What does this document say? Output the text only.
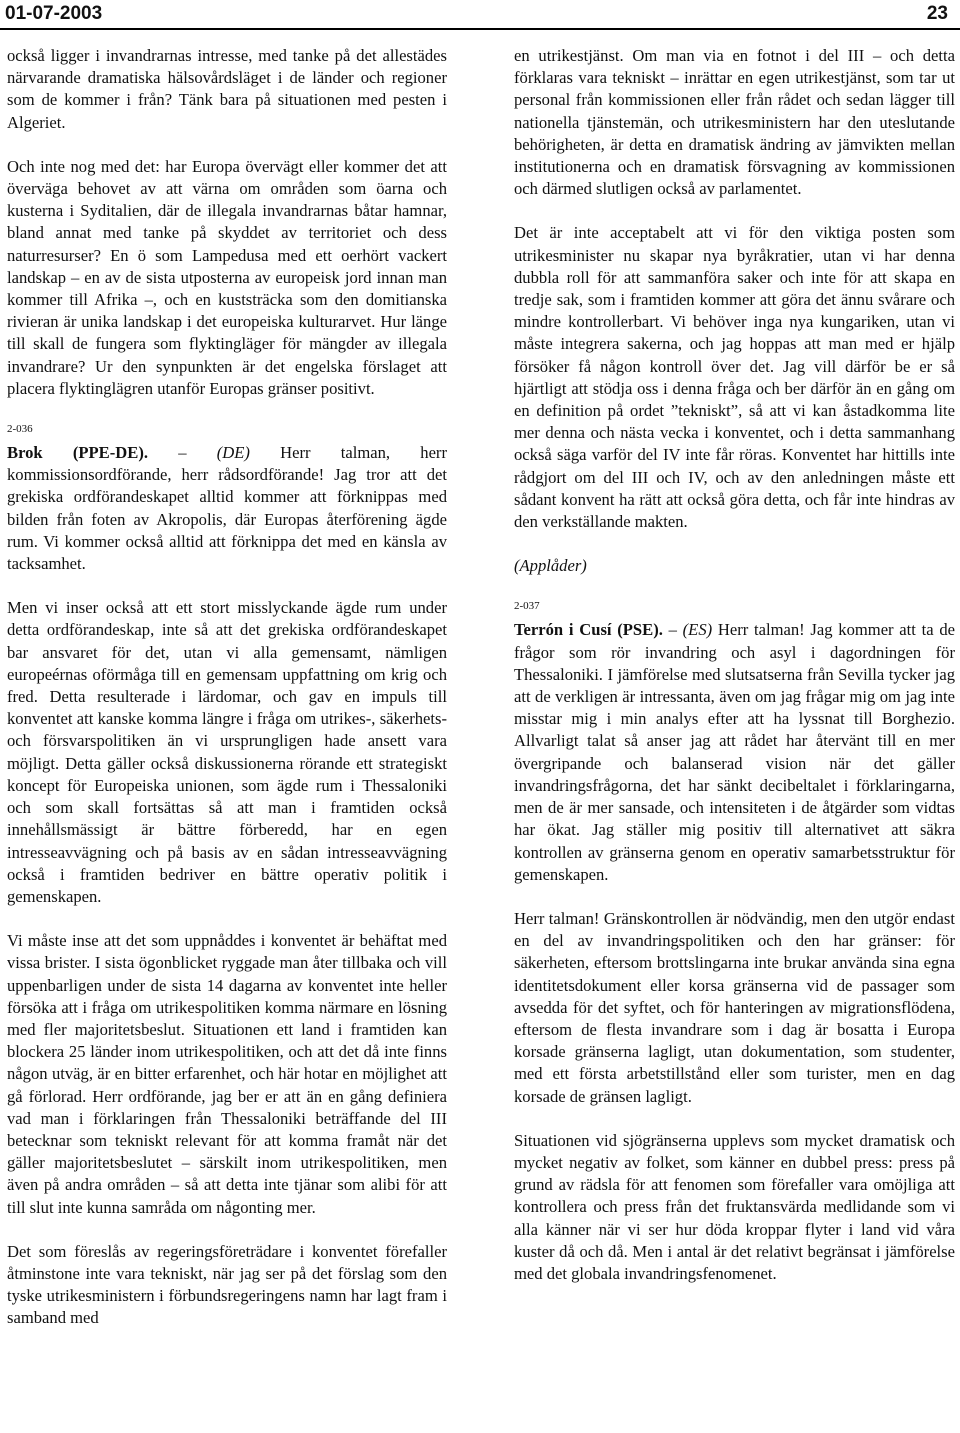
01-07-2003	23

också ligger i invandrarnas intresse, med tanke på det allestädes närvarande dramatiska hälsovårdsläget i de länder och regioner som de kommer i från? Tänk bara på situationen med pesten i Algeriet.

Och inte nog med det: har Europa övervägt eller kommer det att överväga behovet av att värna om områden som öarna och kusterna i Syditalien, där de illegala invandrarnas båtar hamnar, bland annat med tanke på skyddet av territoriet och dess naturresurser? En ö som Lampedusa med ett oerhört vackert landskap – en av de sista utposterna av europeisk jord innan man kommer till Afrika –, och en kuststräcka som den domitianska rivieran är unika landskap i det europeiska kulturarvet. Hur länge till skall de fungera som flyktingläger för mängder av illegala invandrare? Ur den synpunkten är det engelska förslaget att placera flyktinglägren utanför Europas gränser positivt.

2-036

Brok (PPE-DE). – (DE) Herr talman, herr kommissionsordförande, herr rådsordförande! Jag tror att det grekiska ordförandeskapet alltid kommer att förknippas med bilden från foten av Akropolis, där Europas återförening ägde rum. Vi kommer också alltid att förknippa det med en känsla av tacksamhet.

Men vi inser också att ett stort misslyckande ägde rum under detta ordförandeskap, inte så att det grekiska ordförandeskapet bar ansvaret för det, utan vi alla gemensamt, nämligen europeérnas oförmåga till en gemensam uppfattning om krig och fred. Detta resulterade i lärdomar, och gav en impuls till konventet att kanske komma längre i fråga om utrikes-, säkerhets- och försvarspolitiken än vi ursprungligen hade ansett vara möjligt. Detta gäller också diskussionerna rörande ett strategiskt koncept för Europeiska unionen, som ägde rum i Thessaloniki och som skall fortsättas så att man i framtiden också innehållsmässigt är bättre förberedd, har en egen intresseavvägning och på basis av en sådan intresseavvägning också i framtiden bedriver en bättre operativ politik i gemenskapen.

Vi måste inse att det som uppnåddes i konventet är behäftat med vissa brister. I sista ögonblicket ryggade man åter tillbaka och vill uppenbarligen under de sista 14 dagarna av konventet inte heller försöka att i fråga om utrikespolitiken komma närmare en lösning med fler majoritetsbeslut. Situationen ett land i framtiden kan blockera 25 länder inom utrikespolitiken, och att det då inte finns någon utväg, är en bitter erfarenhet, och här hotar en möjlighet att gå förlorad. Herr ordförande, jag ber er att än en gång definiera vad man i förklaringen från Thessaloniki beträffande del III betecknar som tekniskt relevant för att komma framåt när det gäller majoritetsbeslutet – särskilt inom utrikespolitiken, men även på andra områden – så att detta inte tjänar som alibi för att till slut inte kunna samråda om någonting mer.

Det som föreslås av regeringsföreträdare i konventet förefaller åtminstone inte vara tekniskt, när jag ser på det förslag som den tyske utrikesministern i förbundsregeringens namn har lagt fram i samband med

en utrikestjänst. Om man via en fotnot i del III – och detta förklaras vara tekniskt – inrättar en egen utrikestjänst, som tar ut personal från kommissionen eller från rådet och sedan lägger till nationella tjänstemän, och utrikesministern har den uteslutande behörigheten, är detta en dramatisk ändring av jämvikten mellan institutionerna och en dramatisk försvagning av kommissionen och därmed slutligen också av parlamentet.

Det är inte acceptabelt att vi för den viktiga posten som utrikesminister nu skapar nya byråkratier, utan vi har denna dubbla roll för att sammanföra saker och inte för att skapa en tredje sak, som i framtiden kommer att göra det ännu svårare och mindre kontrollerbart. Vi behöver inga nya kungariken, utan vi måste integrera sakerna, och jag hoppas att man med er hjälp försöker få någon kontroll över det. Jag vill därför be er så hjärtligt att stödja oss i denna fråga och ber därför än en gång om en definition på ordet ”tekniskt”, så att vi kan åstadkomma lite mer denna och nästa vecka i konventet, och i detta sammanhang också säga varför del IV inte får röras. Konventet har hittills inte rådgjort om del III och IV, och av den anledningen måste ett sådant konvent ha rätt att också göra detta, och får inte hindras av den verkställande makten.

(Applåder)

2-037

Terrón i Cusí (PSE). – (ES) Herr talman! Jag kommer att ta de frågor som rör invandring och asyl i dagordningen för Thessaloniki. I jämförelse med slutsatserna från Sevilla tycker jag att de verkligen är intressanta, även om jag frågar mig om jag inte misstar mig i min analys efter att ha lyssnat till Borghezio. Allvarligt talat så anser jag att rådet har återvänt till en mer övergripande och balanserad vision när det gäller invandringsfrågorna, det har sänkt decibeltalet i förklaringarna, men de är mer sansade, och intensiteten i de åtgärder som vidtas har ökat. Jag ställer mig positiv till alternativet att säkra kontrollen av gränserna genom en operativ samarbetsstruktur för gemenskapen.

Herr talman! Gränskontrollen är nödvändig, men den utgör endast en del av invandringspolitiken och den har gränser: för säkerheten, eftersom brottslingarna inte brukar använda sina egna identitetsdokument eller korsa gränserna vid de passager som avsedda för det syftet, och för hanteringen av migrationsflödena, eftersom de flesta invandrare som i dag är bosatta i Europa korsade gränserna lagligt, utan dokumentation, som studenter, med ett första arbetstillstånd eller som turister, men en dag korsade de gränsen lagligt.

Situationen vid sjögränserna upplevs som mycket dramatisk och mycket negativ av folket, som känner en dubbel press: press på grund av rädsla för att fenomen som förefaller vara omöjliga att kontrollera och press från det fruktansvärda medlidande som vi alla känner när vi ser hur döda kroppar flyter i land vid våra kuster då och då. Men i antal är det relativt begränsat i jämförelse med det globala invandringsfenomenet.
